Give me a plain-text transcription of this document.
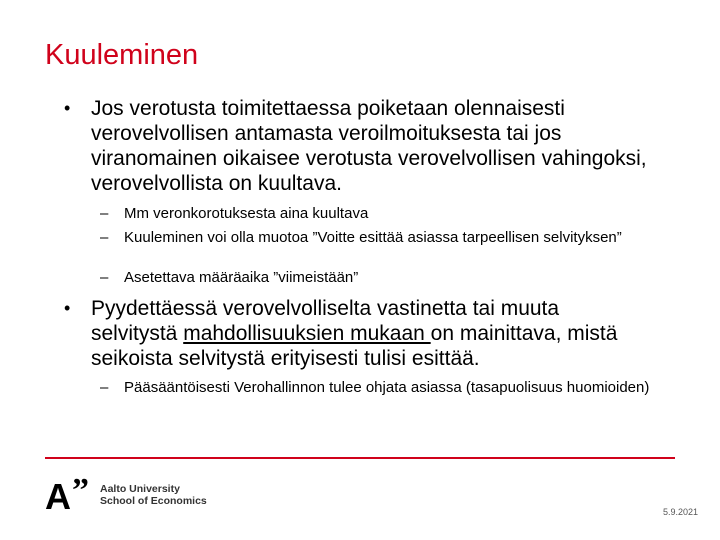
Kuuleminen
• Jos verotusta toimitettaessa poiketaan olennaisesti verovelvollisen antamasta veroilmoituksesta tai jos viranomainen oikaisee verotusta verovelvollisen vahingoksi, verovelvollista on kuultava.
– Mm veronkorotuksesta aina kuultava
– Kuuleminen voi olla muotoa ”Voitte esittää asiassa tarpeellisen selvityksen”
– Asetettava määräaika ”viimeistään”
• Pyydettäessä verovelvolliselta vastinetta tai muuta selvitystä mahdollisuuksien mukaan on mainittava, mistä seikoista selvitystä erityisesti tulisi esittää.
– Pääsääntöisesti Verohallinnon tulee ohjata asiassa (tasapuolisuus huomioiden)
A ” Aalto University
School of Economics
5.9.2021
